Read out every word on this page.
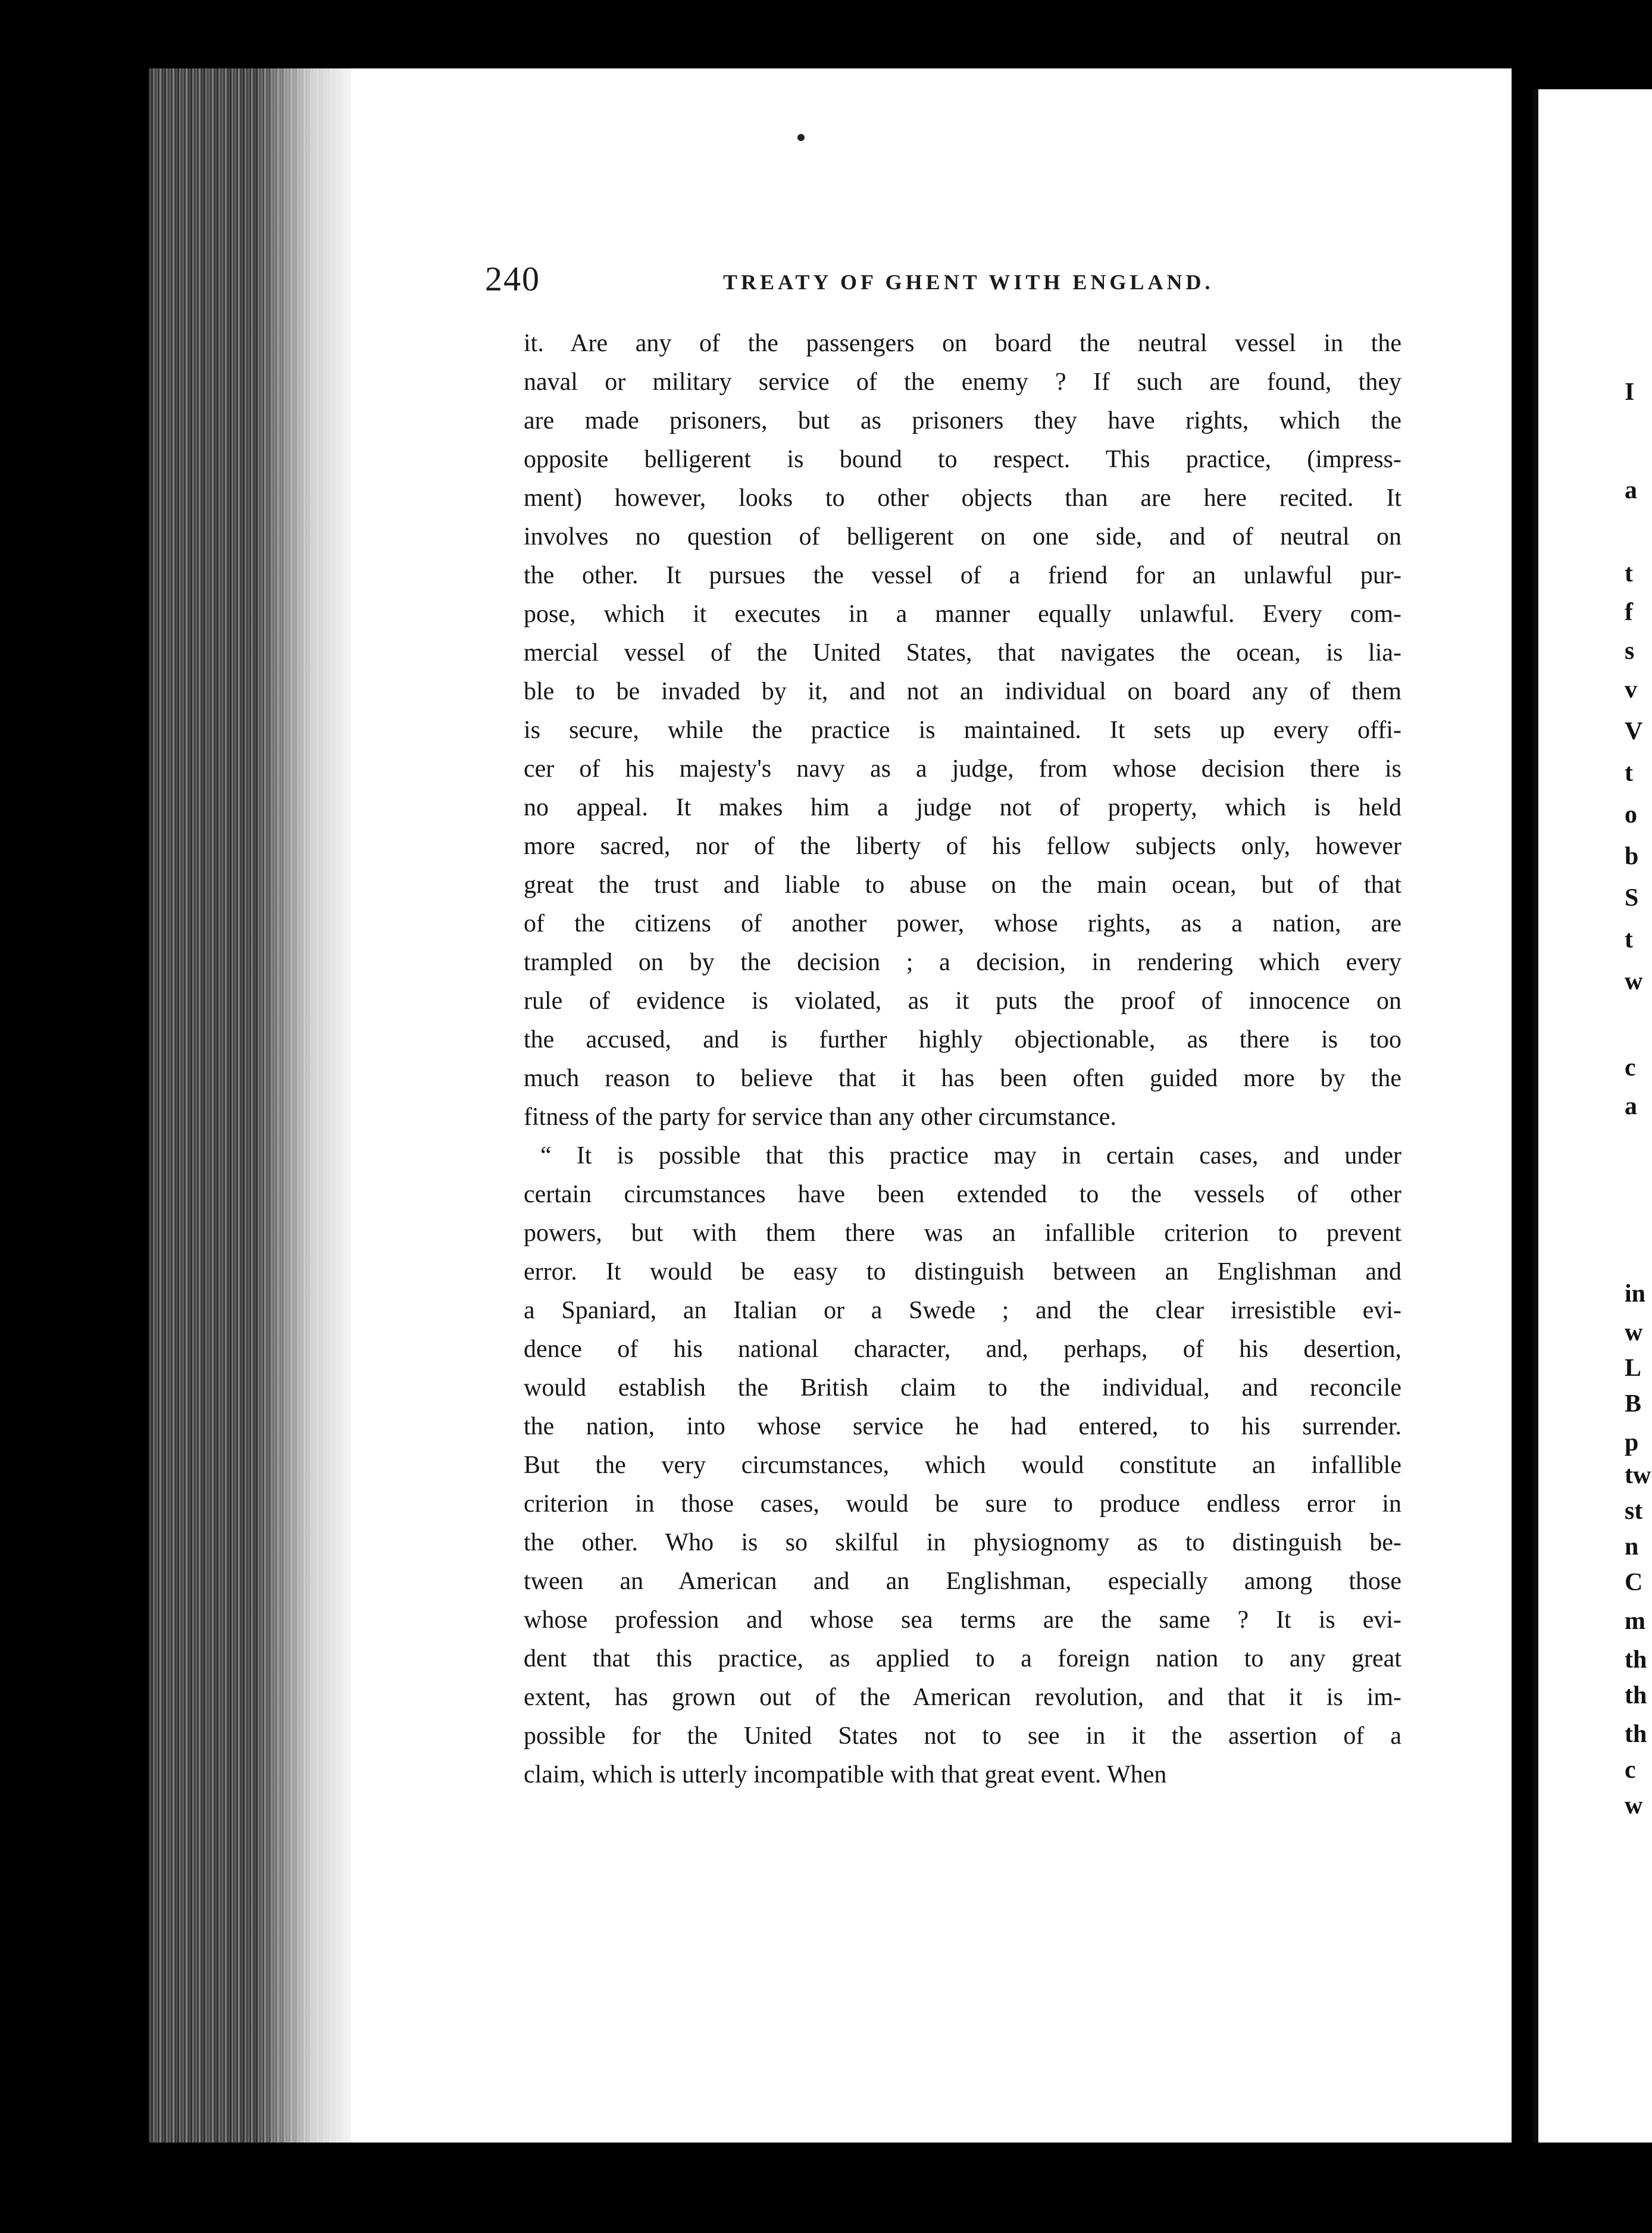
240	TREATY OF GHENT WITH ENGLAND.
it. Are any of the passengers on board the neutral vessel in the
naval or military service of the enemy ? If such are found, they
are made prisoners, but as prisoners they have rights, which the
opposite belligerent is bound to respect. This practice, (impress-
ment) however, looks to other objects than are here recited. It
involves no question of belligerent on one side, and of neutral on
the other. It pursues the vessel of a friend for an unlawful pur-
pose, which it executes in a manner equally unlawful. Every com-
mercial vessel of the United States, that navigates the ocean, is lia-
ble to be invaded by it, and not an individual on board any of them
is secure, while the practice is maintained. It sets up every offi-
cer of his majesty's navy as a judge, from whose decision there is
no appeal. It makes him a judge not of property, which is held
more sacred, nor of the liberty of his fellow subjects only, however
great the trust and liable to abuse on the main ocean, but of that
of the citizens of another power, whose rights, as a nation, are
trampled on by the decision ; a decision, in rendering which every
rule of evidence is violated, as it puts the proof of innocence on
the accused, and is further highly objectionable, as there is too
much reason to believe that it has been often guided more by the
fitness of the party for service than any other circumstance.
“ It is possible that this practice may in certain cases, and under
certain circumstances have been extended to the vessels of other
powers, but with them there was an infallible criterion to prevent
error. It would be easy to distinguish between an Englishman and
a Spaniard, an Italian or a Swede ; and the clear irresistible evi-
dence of his national character, and, perhaps, of his desertion,
would establish the British claim to the individual, and reconcile
the nation, into whose service he had entered, to his surrender.
But the very circumstances, which would constitute an infallible
criterion in those cases, would be sure to produce endless error in
the other. Who is so skilful in physiognomy as to distinguish be-
tween an American and an Englishman, especially among those
whose profession and whose sea terms are the same ? It is evi-
dent that this practice, as applied to a foreign nation to any great
extent, has grown out of the American revolution, and that it is im-
possible for the United States not to see in it the assertion of a
claim, which is utterly incompatible with that great event. When
I
a
t
f
s
v
V
t
o
b
S
t
w
c
a
in
w
L
B
p
tw
st
n
C
m
th
th
th
c
w
